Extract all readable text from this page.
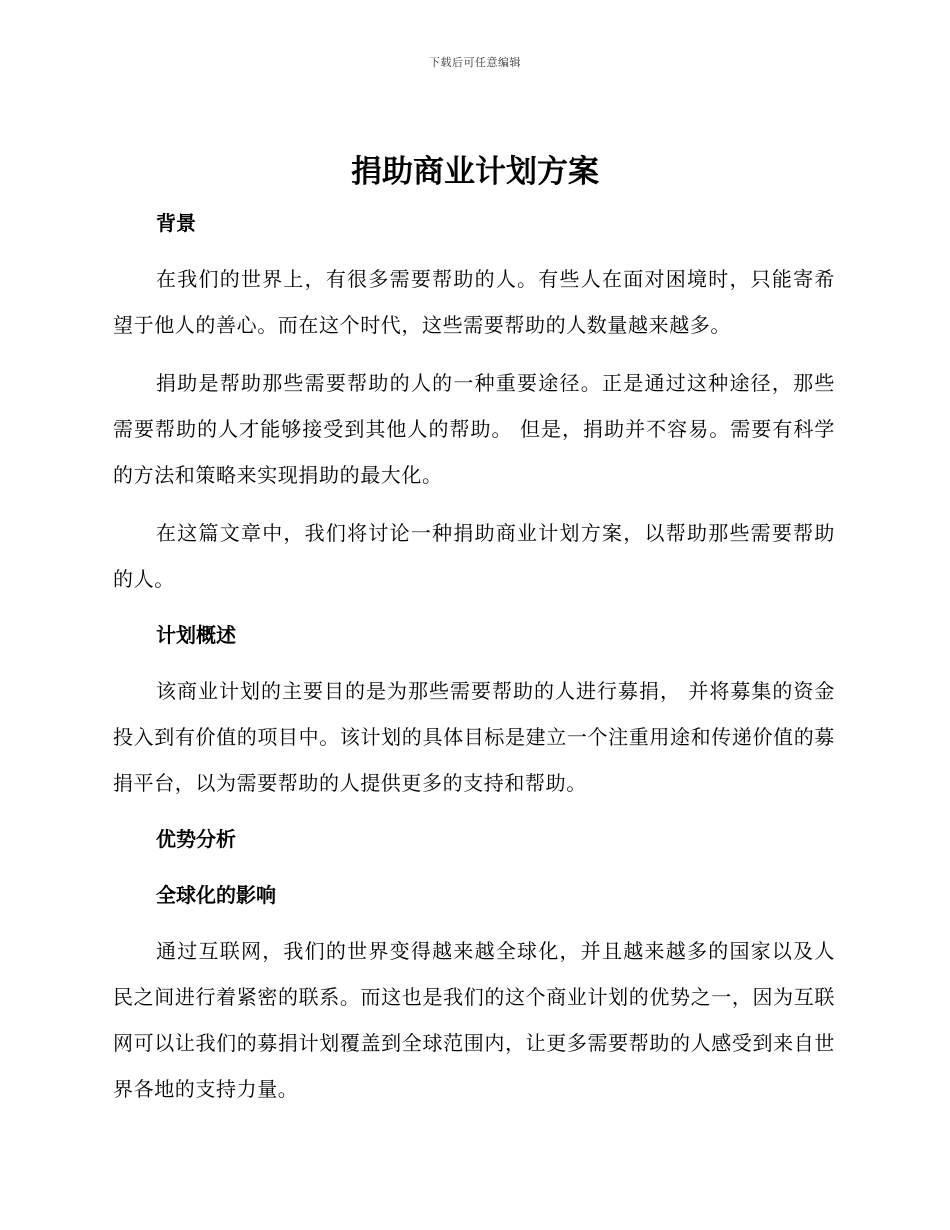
下载后可任意编辑
捐助商业计划方案
背景

在我们的世界上，有很多需要帮助的人。有些人在面对困境时，只能寄希望于他人的善心。而在这个时代，这些需要帮助的人数量越来越多。

捐助是帮助那些需要帮助的人的一种重要途径。正是通过这种途径，那些需要帮助的人才能够接受到其他人的帮助。 但是，捐助并不容易。需要有科学的方法和策略来实现捐助的最大化。

在这篇文章中，我们将讨论一种捐助商业计划方案，以帮助那些需要帮助的人。

计划概述

该商业计划的主要目的是为那些需要帮助的人进行募捐， 并将募集的资金投入到有价值的项目中。该计划的具体目标是建立一个注重用途和传递价值的募捐平台，以为需要帮助的人提供更多的支持和帮助。

优势分析
全球化的影响

通过互联网，我们的世界变得越来越全球化，并且越来越多的国家以及人民之间进行着紧密的联系。而这也是我们的这个商业计划的优势之一，因为互联网可以让我们的募捐计划覆盖到全球范围内，让更多需要帮助的人感受到来自世界各地的支持力量。
